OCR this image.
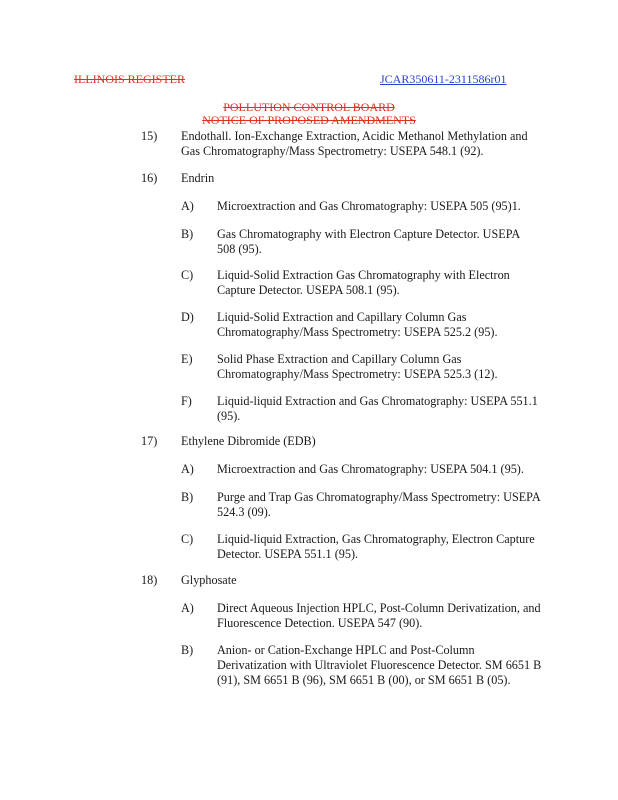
ILLINOIS REGISTER	JCAR350611-2311586r01
POLLUTION CONTROL BOARD
NOTICE OF PROPOSED AMENDMENTS
15) Endothall. Ion-Exchange Extraction, Acidic Methanol Methylation and
Gas Chromatography/Mass Spectrometry: USEPA 548.1 (92).
16) Endrin
A) Microextraction and Gas Chromatography: USEPA 505 (95)1.
B) Gas Chromatography with Electron Capture Detector. USEPA
508 (95).
C) Liquid-Solid Extraction Gas Chromatography with Electron
Capture Detector. USEPA 508.1 (95).
D) Liquid-Solid Extraction and Capillary Column Gas
Chromatography/Mass Spectrometry: USEPA 525.2 (95).
E) Solid Phase Extraction and Capillary Column Gas
Chromatography/Mass Spectrometry: USEPA 525.3 (12).
F) Liquid-liquid Extraction and Gas Chromatography: USEPA 551.1
(95).
17) Ethylene Dibromide (EDB)
A) Microextraction and Gas Chromatography: USEPA 504.1 (95).
B) Purge and Trap Gas Chromatography/Mass Spectrometry: USEPA
524.3 (09).
C) Liquid-liquid Extraction, Gas Chromatography, Electron Capture
Detector. USEPA 551.1 (95).
18) Glyphosate
A) Direct Aqueous Injection HPLC, Post-Column Derivatization, and
Fluorescence Detection. USEPA 547 (90).
B) Anion- or Cation-Exchange HPLC and Post-Column
Derivatization with Ultraviolet Fluorescence Detector. SM 6651 B
(91), SM 6651 B (96), SM 6651 B (00), or SM 6651 B (05).
